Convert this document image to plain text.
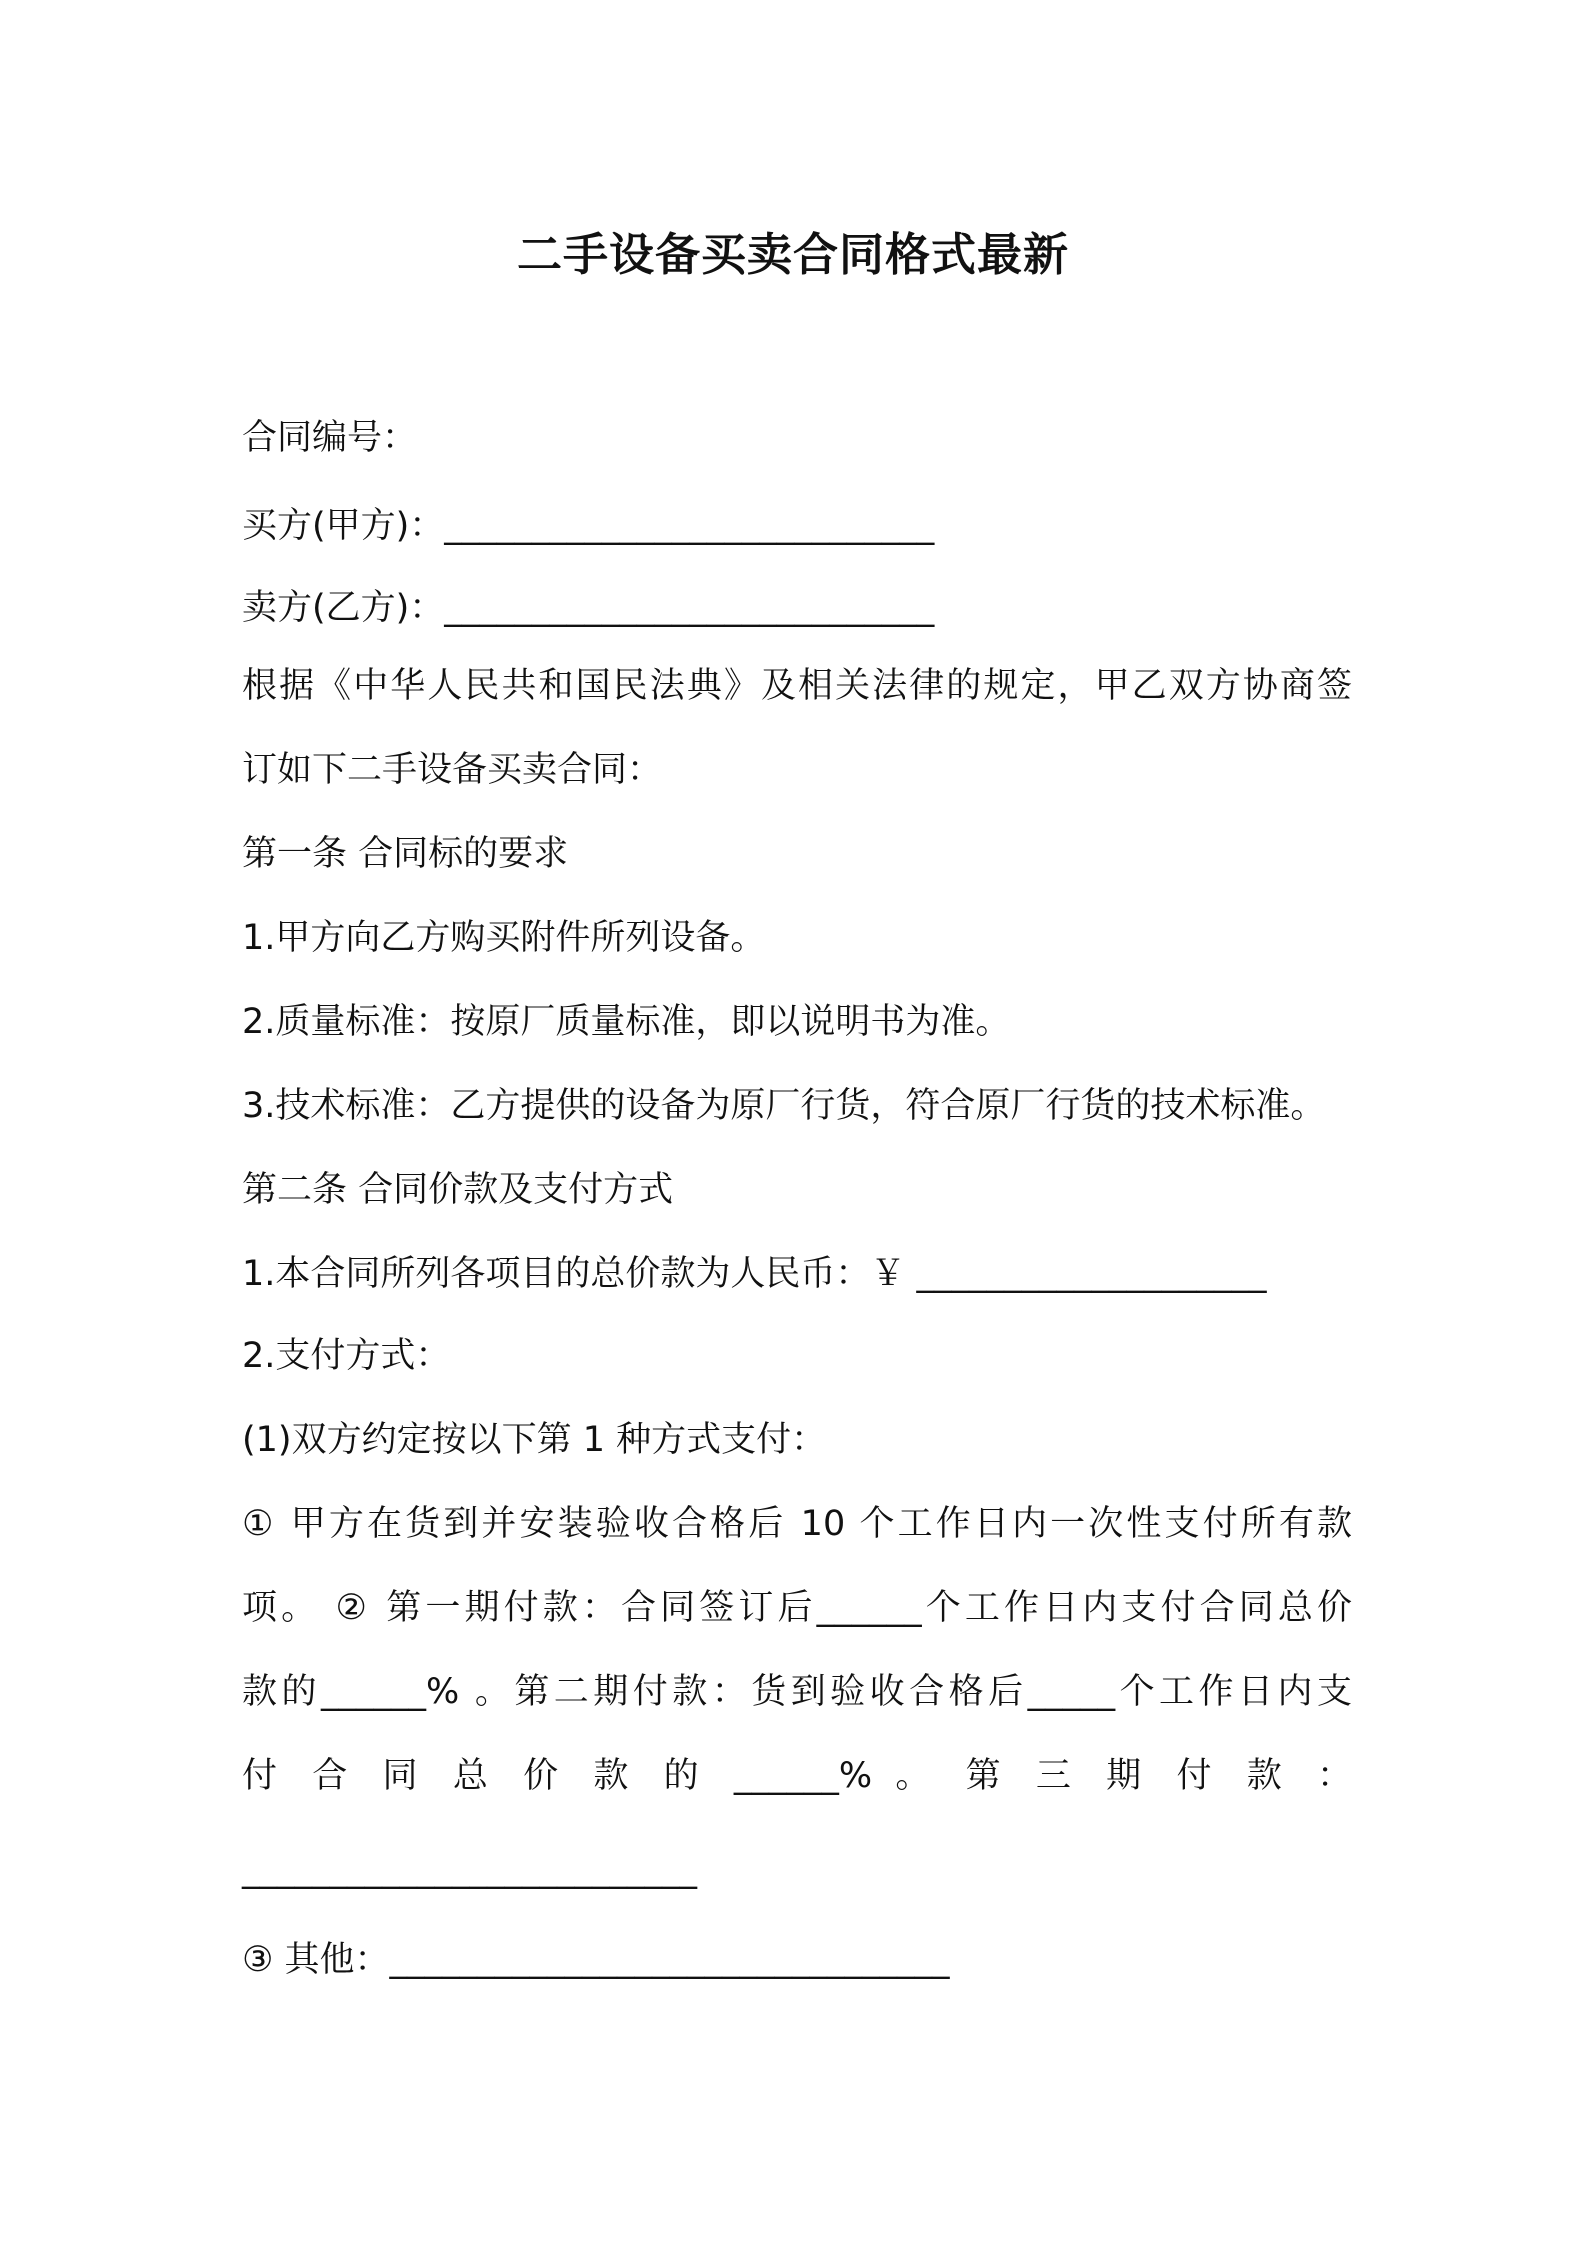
二手设备买卖合同格式最新

合同编号：

买方(甲方)：____________________________

卖方(乙方)：____________________________

根据《中华人民共和国民法典》及相关法律的规定，甲乙双方协商签

订如下二手设备买卖合同：

第一条 合同标的要求

1.甲方向乙方购买附件所列设备。

2.质量标准：按原厂质量标准，即以说明书为准。

3.技术标准：乙方提供的设备为原厂行货，符合原厂行货的技术标准。

第二条 合同价款及支付方式

1.本合同所列各项目的总价款为人民币：￥ ____________________

2.支付方式：

(1)双方约定按以下第 1 种方式支付：

① 甲方在货到并安装验收合格后 10 个工作日内一次性支付所有款

项。 ② 第一期付款：合同签订后______个工作日内支付合同总价

款的______% 。第二期付款：货到验收合格后_____个工作日内支

付 合 同 总 价 款 的 ______% 。 第 三 期 付 款 ：

__________________________

③ 其他：________________________________
